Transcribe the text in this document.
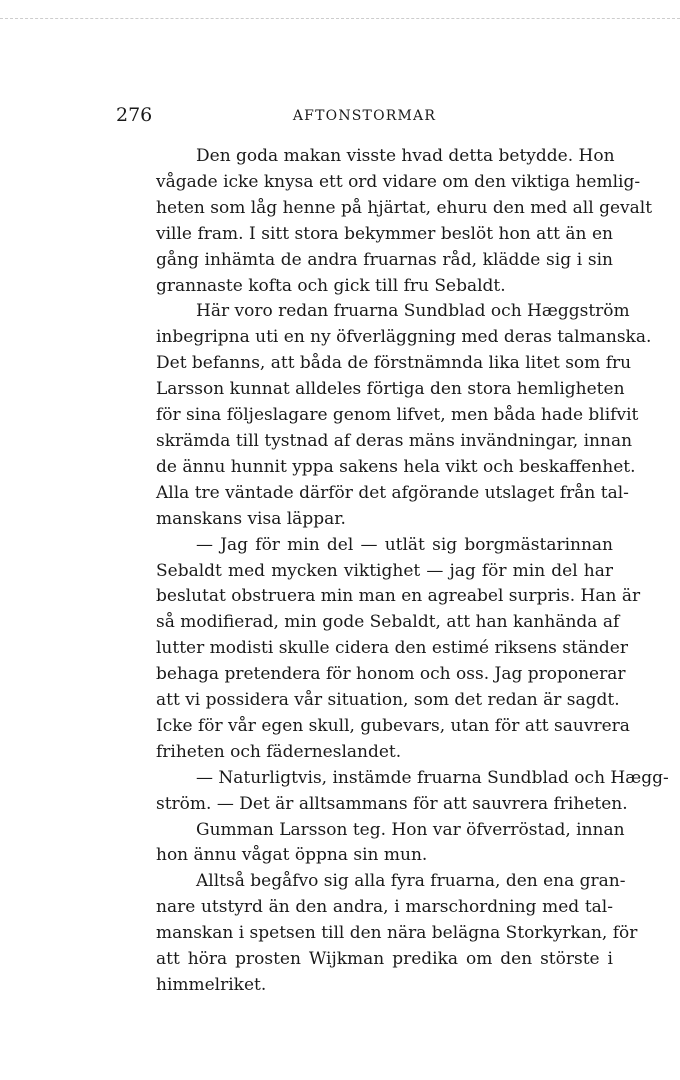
276	AFTONSTORMAR
Den goda makan visste hvad detta betydde. Hon
vågade icke knysa ett ord vidare om den viktiga hemlig-
heten som låg henne på hjärtat, ehuru den med all gevalt
ville fram. I sitt stora bekymmer beslöt hon att än en
gång inhämta de andra fruarnas råd, klädde sig i sin
grannaste kofta och gick till fru Sebaldt.
Här voro redan fruarna Sundblad och Hæggström
inbegripna uti en ny öfverläggning med deras talmanska.
Det befanns, att båda de förstnämnda lika litet som fru
Larsson kunnat alldeles förtiga den stora hemligheten
för sina följeslagare genom lifvet, men båda hade blifvit
skrämda till tystnad af deras mäns invändningar, innan
de ännu hunnit yppa sakens hela vikt och beskaffenhet.
Alla tre väntade därför det afgörande utslaget från tal-
manskans visa läppar.
— Jag för min del — utlät sig borgmästarinnan
Sebaldt med mycken viktighet — jag för min del har
beslutat obstruera min man en agreabel surpris. Han är
så modifierad, min gode Sebaldt, att han kanhända af
lutter modisti skulle cidera den estimé riksens ständer
behaga pretendera för honom och oss. Jag proponerar
att vi possidera vår situation, som det redan är sagdt.
Icke för vår egen skull, gubevars, utan för att sauvrera
friheten och fäderneslandet.
— Naturligtvis, instämde fruarna Sundblad och Hægg-
ström. — Det är alltsammans för att sauvrera friheten.
Gumman Larsson teg. Hon var öfverröstad, innan
hon ännu vågat öppna sin mun.
Alltså begåfvo sig alla fyra fruarna, den ena gran-
nare utstyrd än den andra, i marschordning med tal-
manskan i spetsen till den nära belägna Storkyrkan, för
att höra prosten Wijkman predika om den störste i
himmelriket.
